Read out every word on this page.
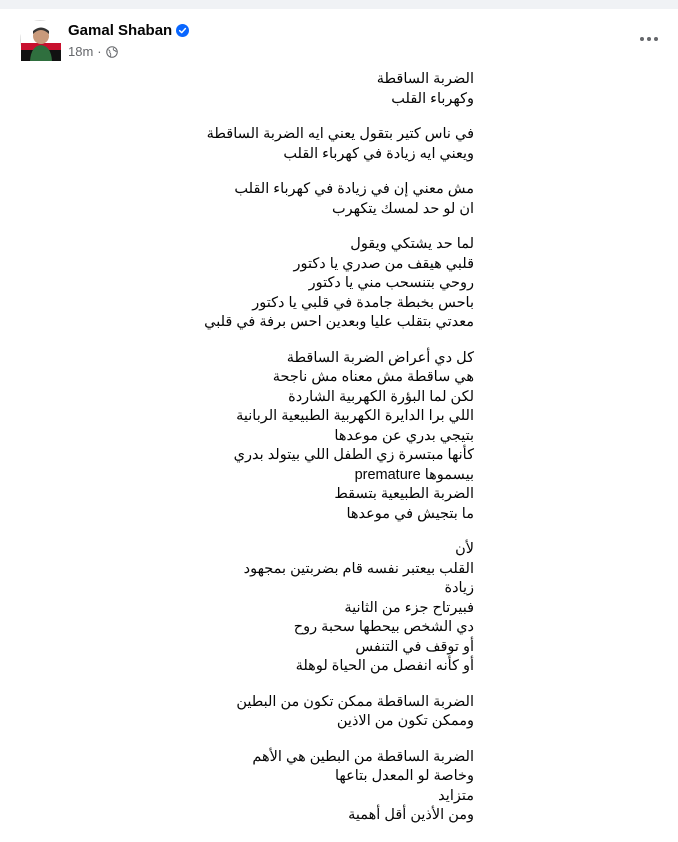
Gamal Shaban
18m ·
الضربة الساقطة
وكهرباء القلب
في ناس كتير بتقول يعني ايه الضربة الساقطة
ويعني ايه زيادة في كهرباء القلب
مش معني إن في زيادة في كهرباء القلب
ان لو حد لمسك يتكهرب
لما حد يشتكي ويقول
قلبي هيقف من صدري يا دكتور
روحي بتنسحب مني يا دكتور
باحس بخبطة جامدة في قلبي يا دكتور
معدتي بتقلب عليا وبعدين احس برفة في قلبي
كل دي أعراض الضربة الساقطة
هي ساقطة مش معناه مش ناجحة
لكن لما البؤرة الكهربية الشاردة
اللي برا الدايرة الكهربية الطبيعية الربانية
بتيجي بدري عن موعدها
كأنها مبتسرة زي الطفل اللي بيتولد بدري
بيسموها premature
الضربة الطبيعية بتسقط
ما بتجيش في موعدها
لأن
القلب بيعتبر نفسه قام بضربتين بمجهود
زيادة
فبيرتاح جزء من الثانية
دي الشخص بيحطها سحبة روح
أو توقف في التنفس
أو كأنه انفصل من الحياة لوهلة
الضربة الساقطة ممكن تكون من البطين
وممكن تكون من الاذين
الضربة الساقطة من البطين هي الأهم
وخاصة لو المعدل بتاعها
متزايد
ومن الأذين أقل أهمية
